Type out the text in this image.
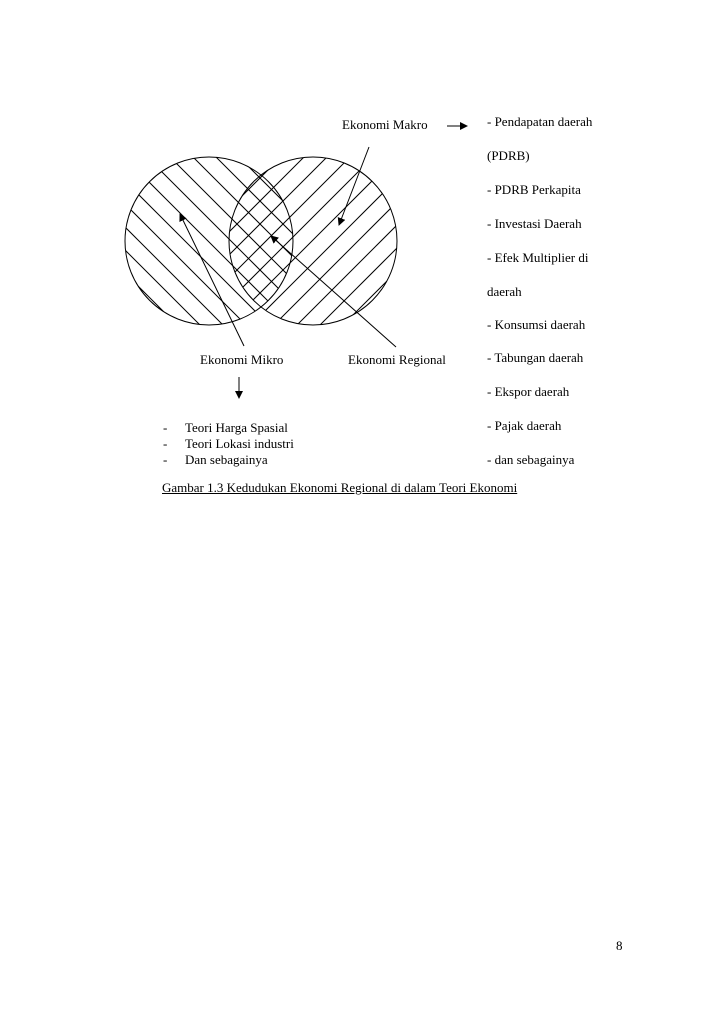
Ekonomi Makro
Ekonomi Mikro	Ekonomi Regional
- Pendapatan daerah
(PDRB)
- PDRB Perkapita
- Investasi Daerah
- Efek Multiplier di
daerah
- Konsumsi daerah
- Tabungan daerah
- Ekspor daerah
- Pajak daerah
- dan sebagainya
- Teori Harga Spasial
- Teori Lokasi industri
- Dan sebagainya
Gambar 1.3 Kedudukan Ekonomi Regional di dalam Teori Ekonomi
8
